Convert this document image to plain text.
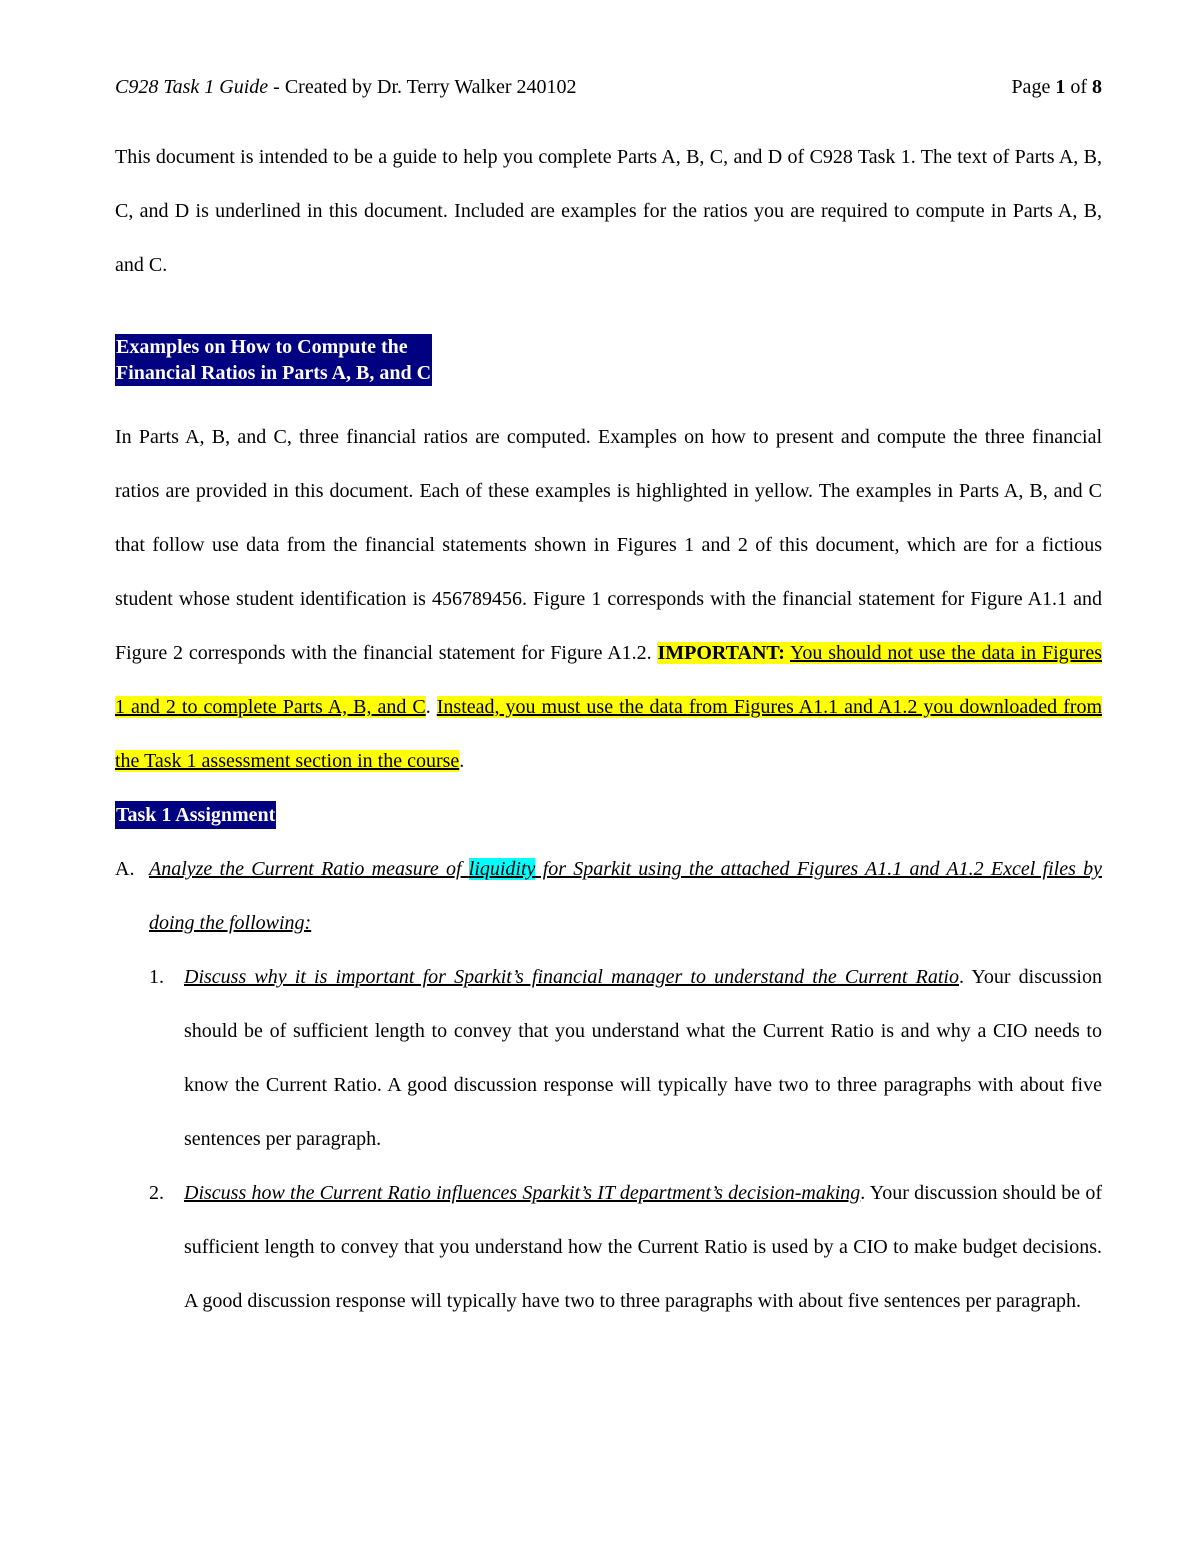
C928 Task 1 Guide - Created by Dr. Terry Walker 240102	Page 1 of 8

This document is intended to be a guide to help you complete Parts A, B, C, and D of C928 Task 1. The text of Parts A, B, C, and D is underlined in this document. Included are examples for the ratios you are required to compute in Parts A, B, and C.

Examples on How to Compute the
Financial Ratios in Parts A, B, and C

In Parts A, B, and C, three financial ratios are computed. Examples on how to present and compute the three financial ratios are provided in this document. Each of these examples is highlighted in yellow. The examples in Parts A, B, and C that follow use data from the financial statements shown in Figures 1 and 2 of this document, which are for a fictious student whose student identification is 456789456. Figure 1 corresponds with the financial statement for Figure A1.1 and Figure 2 corresponds with the financial statement for Figure A1.2. IMPORTANT: You should not use the data in Figures 1 and 2 to complete Parts A, B, and C. Instead, you must use the data from Figures A1.1 and A1.2 you downloaded from the Task 1 assessment section in the course.

Task 1 Assignment

A. Analyze the Current Ratio measure of liquidity for Sparkit using the attached Figures A1.1 and A1.2 Excel files by doing the following:

1. Discuss why it is important for Sparkit’s financial manager to understand the Current Ratio. Your discussion should be of sufficient length to convey that you understand what the Current Ratio is and why a CIO needs to know the Current Ratio. A good discussion response will typically have two to three paragraphs with about five sentences per paragraph.

2. Discuss how the Current Ratio influences Sparkit’s IT department’s decision-making. Your discussion should be of sufficient length to convey that you understand how the Current Ratio is used by a CIO to make budget decisions. A good discussion response will typically have two to three paragraphs with about five sentences per paragraph.
